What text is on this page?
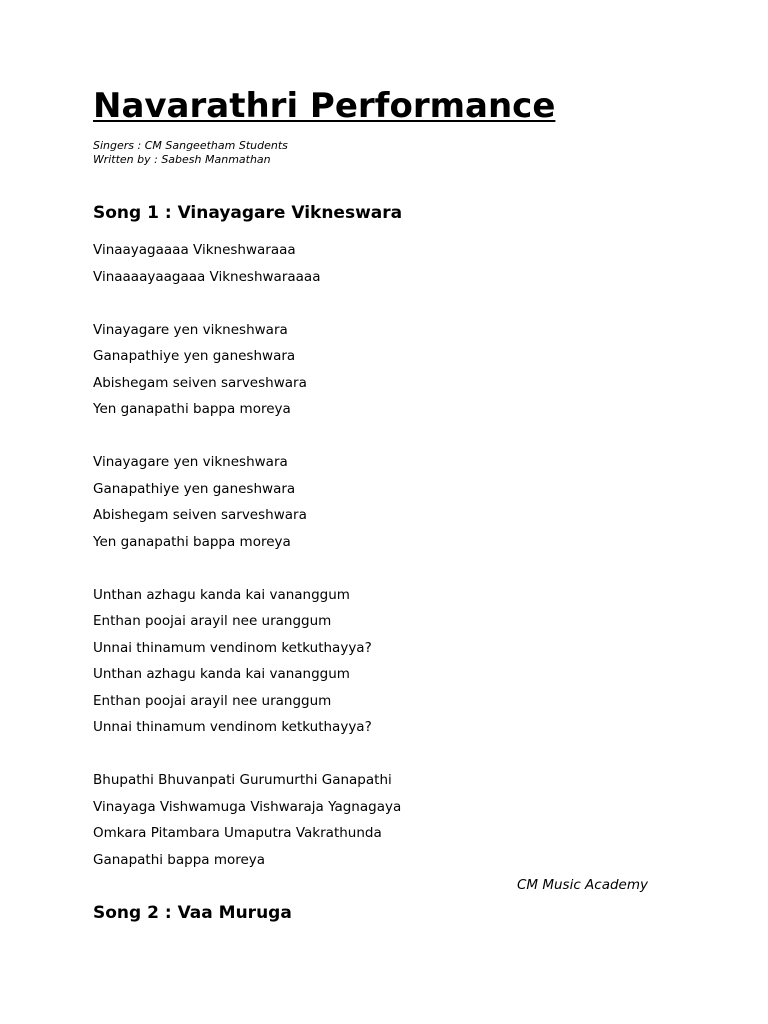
Navarathri Performance
Singers : CM Sangeetham Students
Written by : Sabesh Manmathan
Song 1 : Vinayagare Vikneswara
Vinaayagaaaa Vikneshwaraaa
Vinaaaayaagaaa Vikneshwaraaaa
Vinayagare yen vikneshwara
Ganapathiye yen ganeshwara
Abishegam seiven sarveshwara
Yen ganapathi bappa moreya
Vinayagare yen vikneshwara
Ganapathiye yen ganeshwara
Abishegam seiven sarveshwara
Yen ganapathi bappa moreya
Unthan azhagu kanda kai vananggum
Enthan poojai arayil nee uranggum
Unnai thinamum vendinom ketkuthayya?
Unthan azhagu kanda kai vananggum
Enthan poojai arayil nee uranggum
Unnai thinamum vendinom ketkuthayya?
Bhupathi Bhuvanpati Gurumurthi Ganapathi
Vinayaga Vishwamuga Vishwaraja Yagnagaya
Omkara Pitambara Umaputra Vakrathunda
Ganapathi bappa moreya
CM Music Academy
Song 2 : Vaa Muruga
